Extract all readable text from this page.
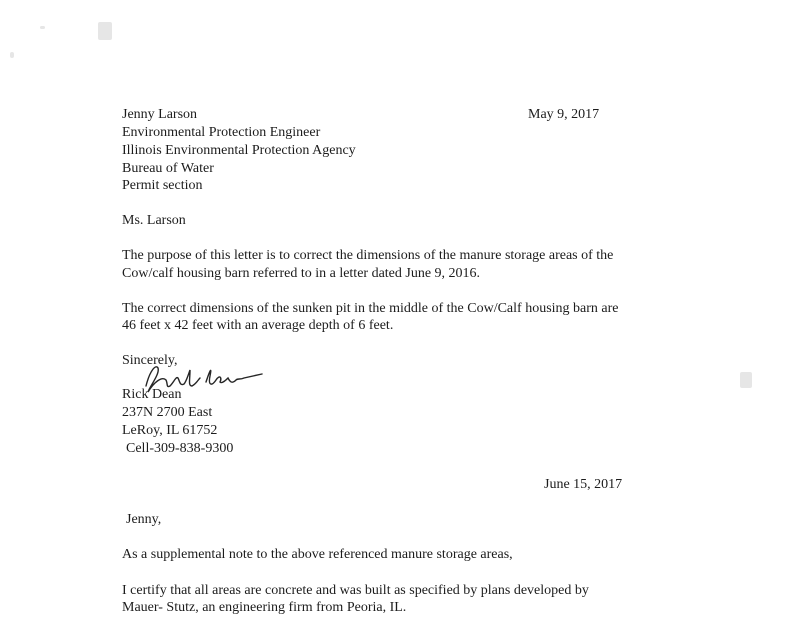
Jenny Larson
Environmental Protection Engineer
Illinois Environmental Protection Agency
Bureau of Water
Permit section
May 9, 2017
Ms. Larson
The purpose of this letter is to correct the dimensions of the manure storage areas of the
Cow/calf housing barn referred to in a letter dated June 9, 2016.
The correct dimensions of the sunken pit in the middle of the Cow/Calf housing barn are
46 feet x 42 feet with an average depth of 6 feet.
Sincerely,
Rick Dean
237N 2700 East
LeRoy, IL 61752
Cell-309-838-9300
June 15, 2017
Jenny,
As a supplemental note to the above referenced manure storage areas,
I certify that all areas are concrete and was built as specified by plans developed by
Mauer- Stutz, an engineering firm from Peoria, IL.
